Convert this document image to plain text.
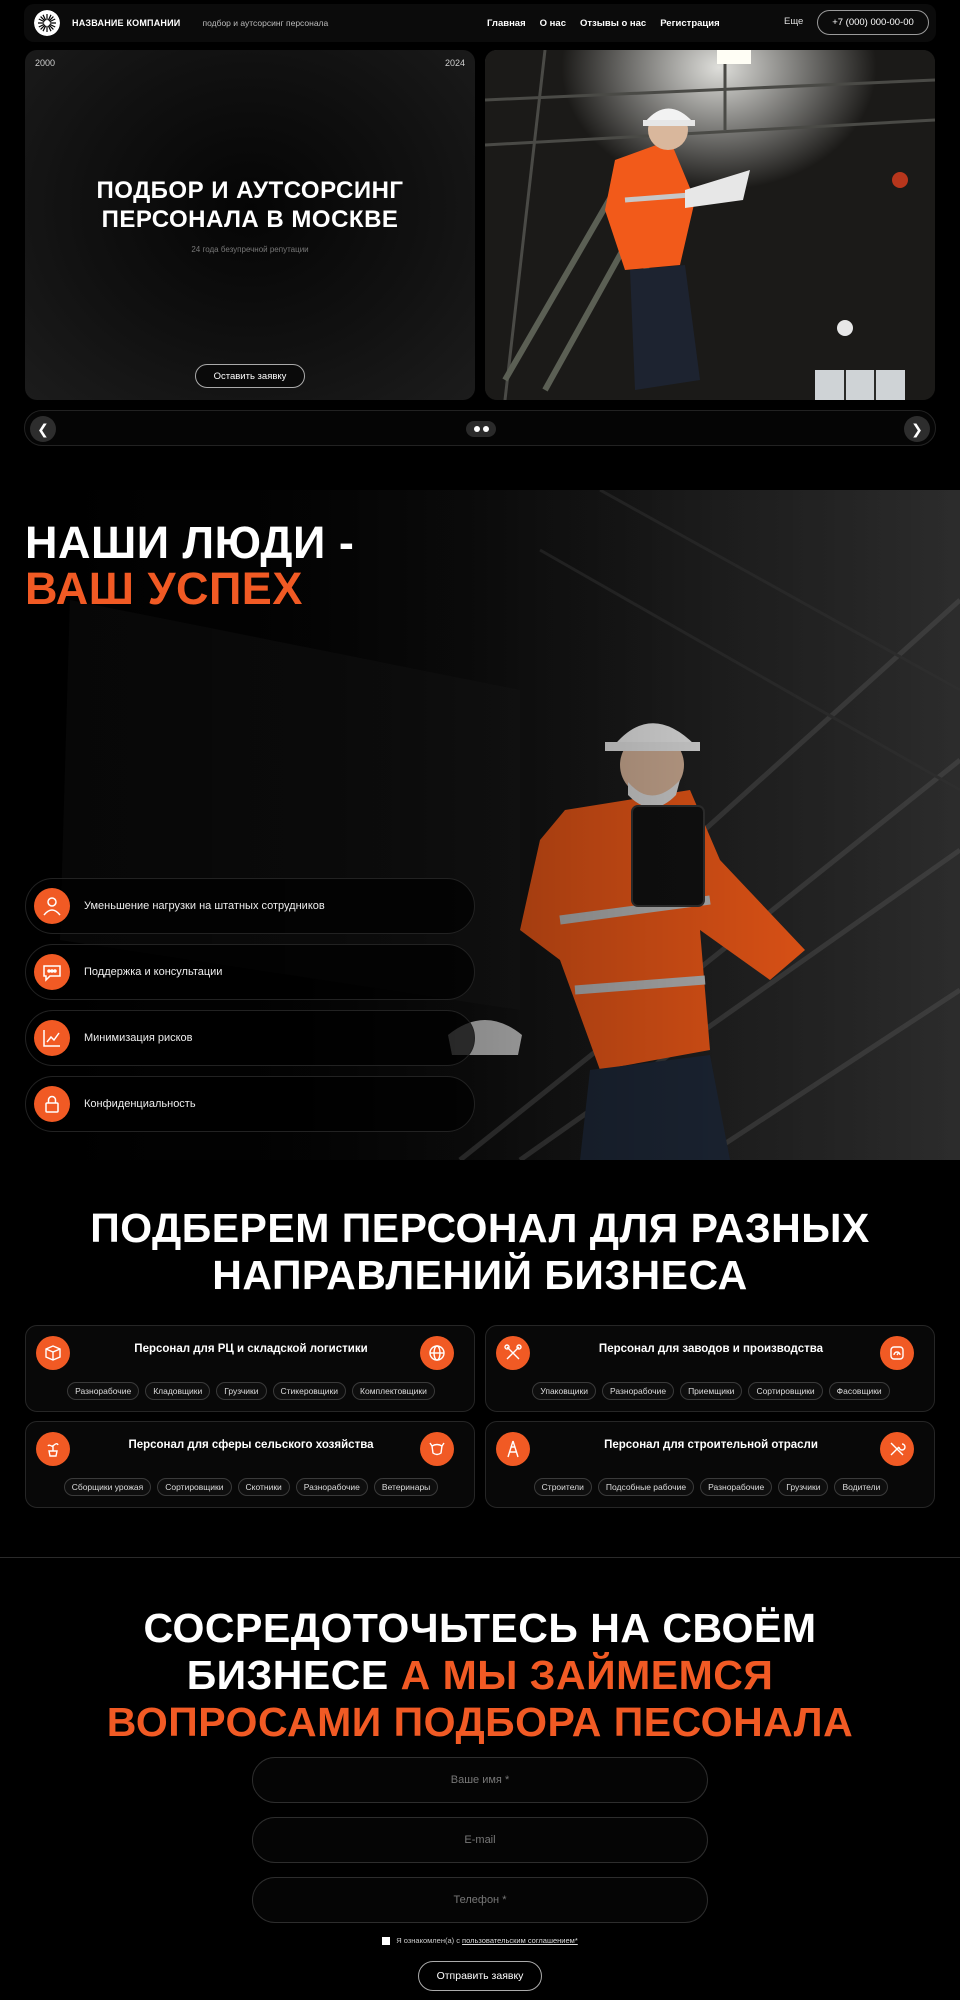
НАЗВАНИЕ КОМПАНИИ	подбор и аутсорсинг персонала	Главная О нас Отзывы о нас Регистрация	Еще	+7 (000) 000-00-00
2000	2024
ПОДБОР И АУТСОРСИНГ
ПЕРСОНАЛА В МОСКВЕ
24 года безупречной репутации
Оставить заявку
❮	❯
НАШИ ЛЮДИ -
ВАШ УСПЕХ
Уменьшение нагрузки на штатных сотрудников
Поддержка и консультации
Минимизация рисков
Конфиденциальность
ПОДБЕРЕМ ПЕРСОНАЛ ДЛЯ РАЗНЫХ
НАПРАВЛЕНИЙ БИЗНЕСА
Персонал для РЦ и складской логистики
Разнорабочие	Кладовщики	Грузчики	Стикеровщики	Комплектовщики
Персонал для заводов и производства
Упаковщики	Разнорабочие	Приемщики	Сортировщики	Фасовщики
Персонал для сферы сельского хозяйства
Сборщики урожая	Сортировщики	Скотники	Разнорабочие	Ветеринары
Персонал для строительной отрасли
Строители	Подсобные рабочие	Разнорабочие	Грузчики	Водители
СОСРЕДОТОЧЬТЕСЬ НА СВОЁМ
БИЗНЕСЕ А МЫ ЗАЙМЕМСЯ
ВОПРОСАМИ ПОДБОРА ПЕСОНАЛА
Ваше имя *
E-mail
Телефон *
Я ознакомлен(а) с пользовательским соглашением*
Отправить заявку
